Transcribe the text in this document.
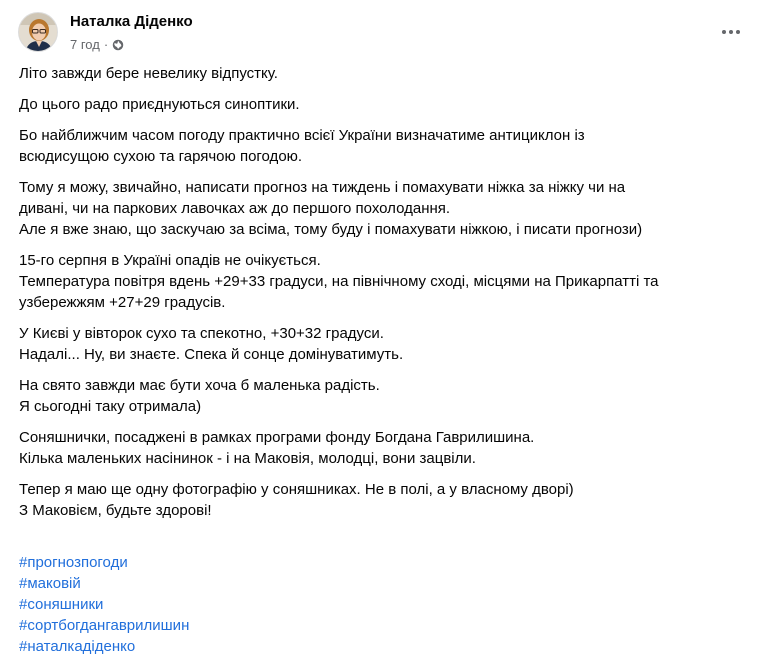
Наталка Діденко
7 год ·

Літо завжди бере невелику відпустку.

До цього радо приєднуються синоптики.

Бо найближчим часом погоду практично всієї України визначатиме антициклон із
всюдисущою сухою та гарячою погодою.

Тому я можу, звичайно, написати прогноз на тиждень і помахувати ніжка за ніжку чи на
дивані, чи на паркових лавочках аж до першого похолодання.
Але я вже знаю, що заскучаю за всіма, тому буду і помахувати ніжкою, і писати прогнози)

15-го серпня в Україні опадів не очікується.
Температура повітря вдень +29+33 градуси, на північному сході, місцями на Прикарпатті та
узбережжям +27+29 градусів.

У Києві у вівторок сухо та спекотно, +30+32 градуси.
Надалі... Ну, ви знаєте. Спека й сонце домінуватимуть.

На свято завжди має бути хоча б маленька радість.
Я сьогодні таку отримала)

Соняшнички, посаджені в рамках програми фонду Богдана Гаврилишина.
Кілька маленьких насінинок - і на Маковія, молодці, вони зацвіли.

Тепер я маю ще одну фотографію у соняшниках. Не в полі, а у власному дворі)
З Маковієм, будьте здорові!

#прогнозпогоди
#маковій
#соняшники
#сортбогдангаврилишин
#наталкадіденко
